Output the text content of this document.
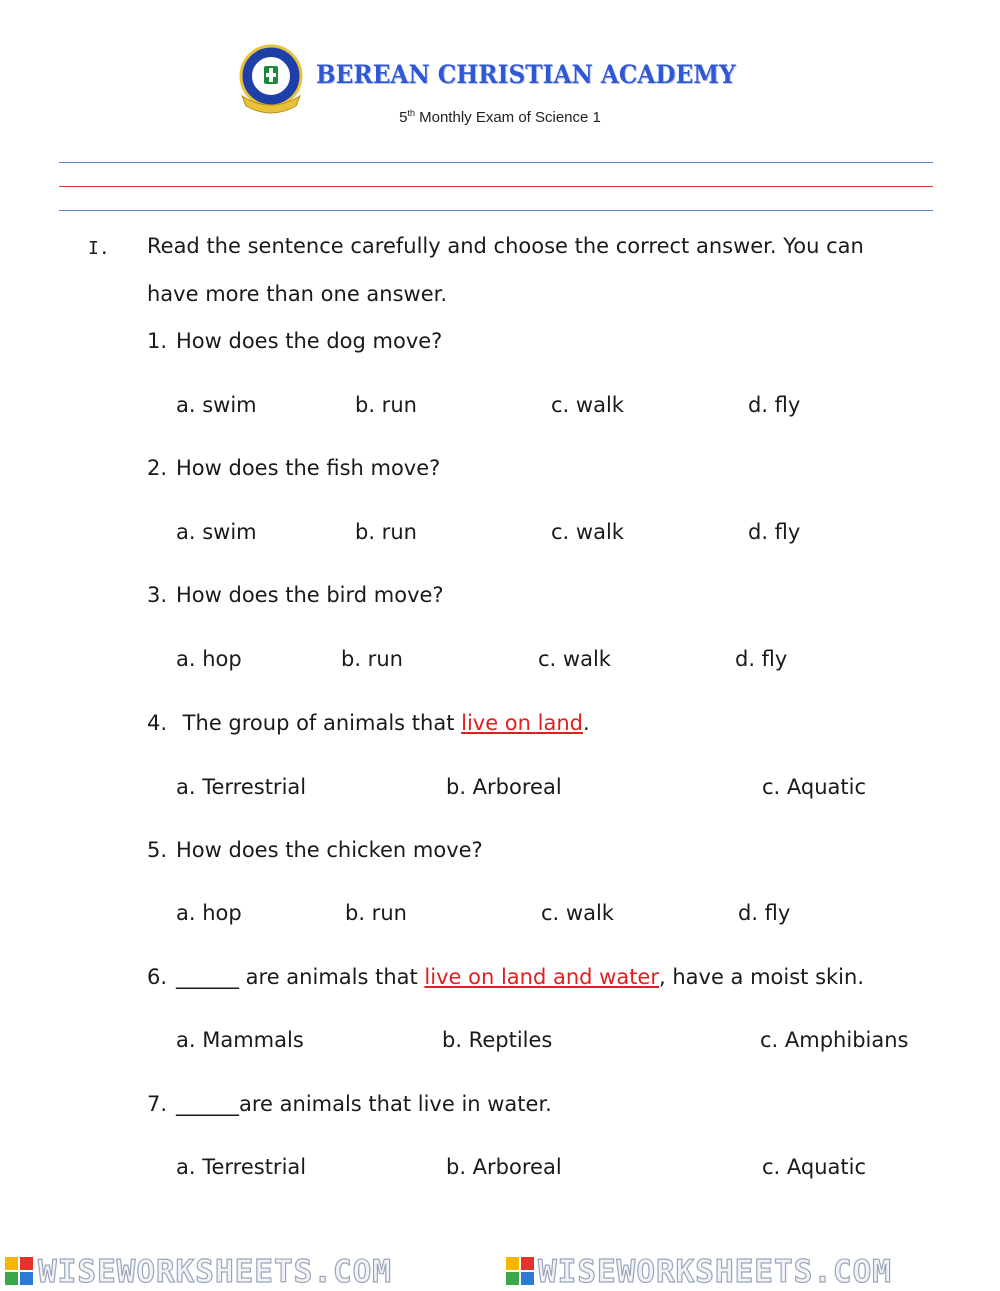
BEREAN CHRISTIAN ACADEMY
5th Monthly Exam of Science 1
I. Read the sentence carefully and choose the correct answer. You can
have more than one answer.
1. How does the dog move?
a. swim	b. run	c. walk	d. fly
2. How does the fish move?
a. swim	b. run	c. walk	d. fly
3. How does the bird move?
a. hop	b. run	c. walk	d. fly
4. The group of animals that live on land.
a. Terrestrial	b. Arboreal	c. Aquatic
5. How does the chicken move?
a. hop	b. run	c. walk	d. fly
6. ______ are animals that live on land and water, have a moist skin.
a. Mammals	b. Reptiles	c. Amphibians
7. ______are animals that live in water.
a. Terrestrial	b. Arboreal	c. Aquatic
WISEWORKSHEETS.COM	WISEWORKSHEETS.COM
